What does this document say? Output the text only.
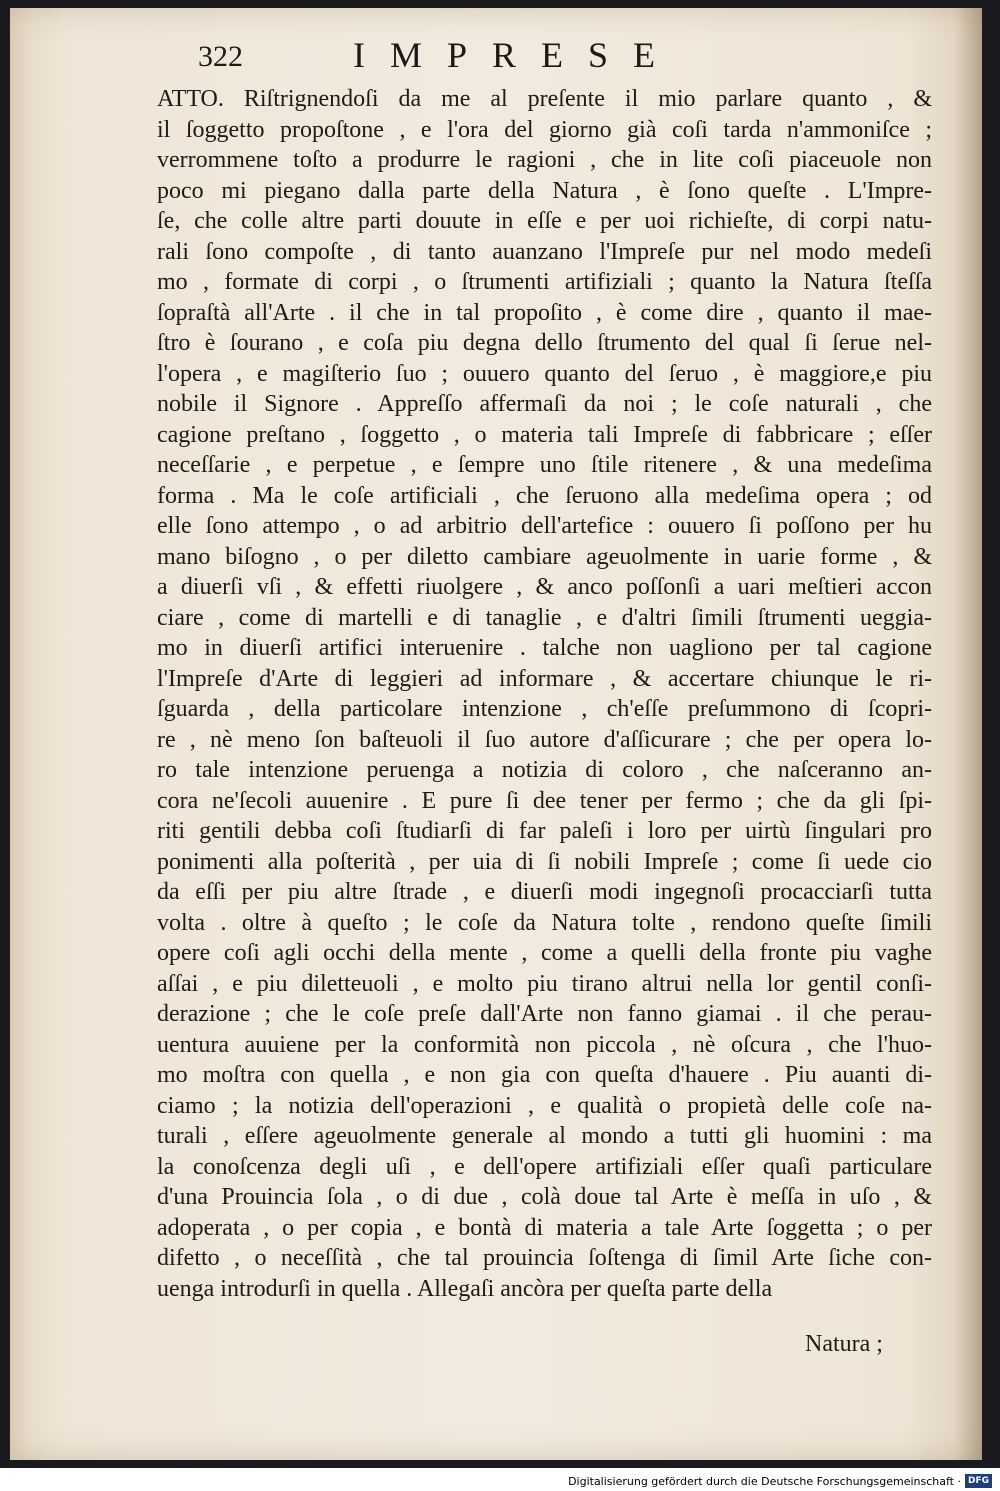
322	IMPRESE
ATTO. Riſtrignendoſi da me al preſente il mio parlare quanto , &
il ſoggetto propoſtone , e l'ora del giorno già coſi tarda n'ammoniſce ;
verrommene toſto a produrre le ragioni , che in lite coſi piaceuole non
poco mi piegano dalla parte della Natura , è ſono queſte . L'Impre-
ſe, che colle altre parti douute in eſſe e per uoi richieſte, di corpi natu-
rali ſono compoſte , di tanto auanzano l'Impreſe pur nel modo medeſi
mo , formate di corpi , o ſtrumenti artifiziali ; quanto la Natura ſteſſa
ſopraſtà all'Arte . il che in tal propoſito , è come dire , quanto il mae-
ſtro è ſourano , e coſa piu degna dello ſtrumento del qual ſi ſerue nel-
l'opera , e magiſterio ſuo ; ouuero quanto del ſeruo , è maggiore,e piu
nobile il Signore . Appreſſo affermaſi da noi ; le coſe naturali , che
cagione preſtano , ſoggetto , o materia tali Impreſe di fabbricare ; eſſer
neceſſarie , e perpetue , e ſempre uno ſtile ritenere , & una medeſima
forma . Ma le coſe artificiali , che ſeruono alla medeſima opera ; od
elle ſono attempo , o ad arbitrio dell'artefice : ouuero ſi poſſono per hu
mano biſogno , o per diletto cambiare ageuolmente in uarie forme , &
a diuerſi vſi , & effetti riuolgere , & anco poſſonſi a uari meſtieri accon
ciare , come di martelli e di tanaglie , e d'altri ſimili ſtrumenti ueggia-
mo in diuerſi artifici interuenire . talche non uagliono per tal cagione
l'Impreſe d'Arte di leggieri ad informare , & accertare chiunque le ri-
ſguarda , della particolare intenzione , ch'eſſe preſummono di ſcopri-
re , nè meno ſon baſteuoli il ſuo autore d'aſſicurare ; che per opera lo-
ro tale intenzione peruenga a notizia di coloro , che naſceranno an-
cora ne'ſecoli auuenire . E pure ſi dee tener per fermo ; che da gli ſpi-
riti gentili debba coſi ſtudiarſi di far paleſi i loro per uirtù ſingulari pro
ponimenti alla poſterità , per uia di ſi nobili Impreſe ; come ſi uede cio
da eſſi per piu altre ſtrade , e diuerſi modi ingegnoſi procacciarſi tutta
volta . oltre à queſto ; le coſe da Natura tolte , rendono queſte ſimili
opere coſi agli occhi della mente , come a quelli della fronte piu vaghe
aſſai , e piu diletteuoli , e molto piu tirano altrui nella lor gentil conſi-
derazione ; che le coſe preſe dall'Arte non fanno giamai . il che perau-
uentura auuiene per la conformità non piccola , nè oſcura , che l'huo-
mo moſtra con quella , e non gia con queſta d'hauere . Piu auanti di-
ciamo ; la notizia dell'operazioni , e qualità o propietà delle coſe na-
turali , eſſere ageuolmente generale al mondo a tutti gli huomini : ma
la conoſcenza degli uſi , e dell'opere artifiziali eſſer quaſi particulare
d'una Prouincia ſola , o di due , colà doue tal Arte è meſſa in uſo , &
adoperata , o per copia , e bontà di materia a tale Arte ſoggetta ; o per
difetto , o neceſſità , che tal prouincia ſoſtenga di ſimil Arte ſiche con-
uenga introdurſi in quella . Allegaſi ancòra per queſta parte della
Natura ;
Digitalisierung gefördert durch die Deutsche Forschungsgemeinschaft · DFG
